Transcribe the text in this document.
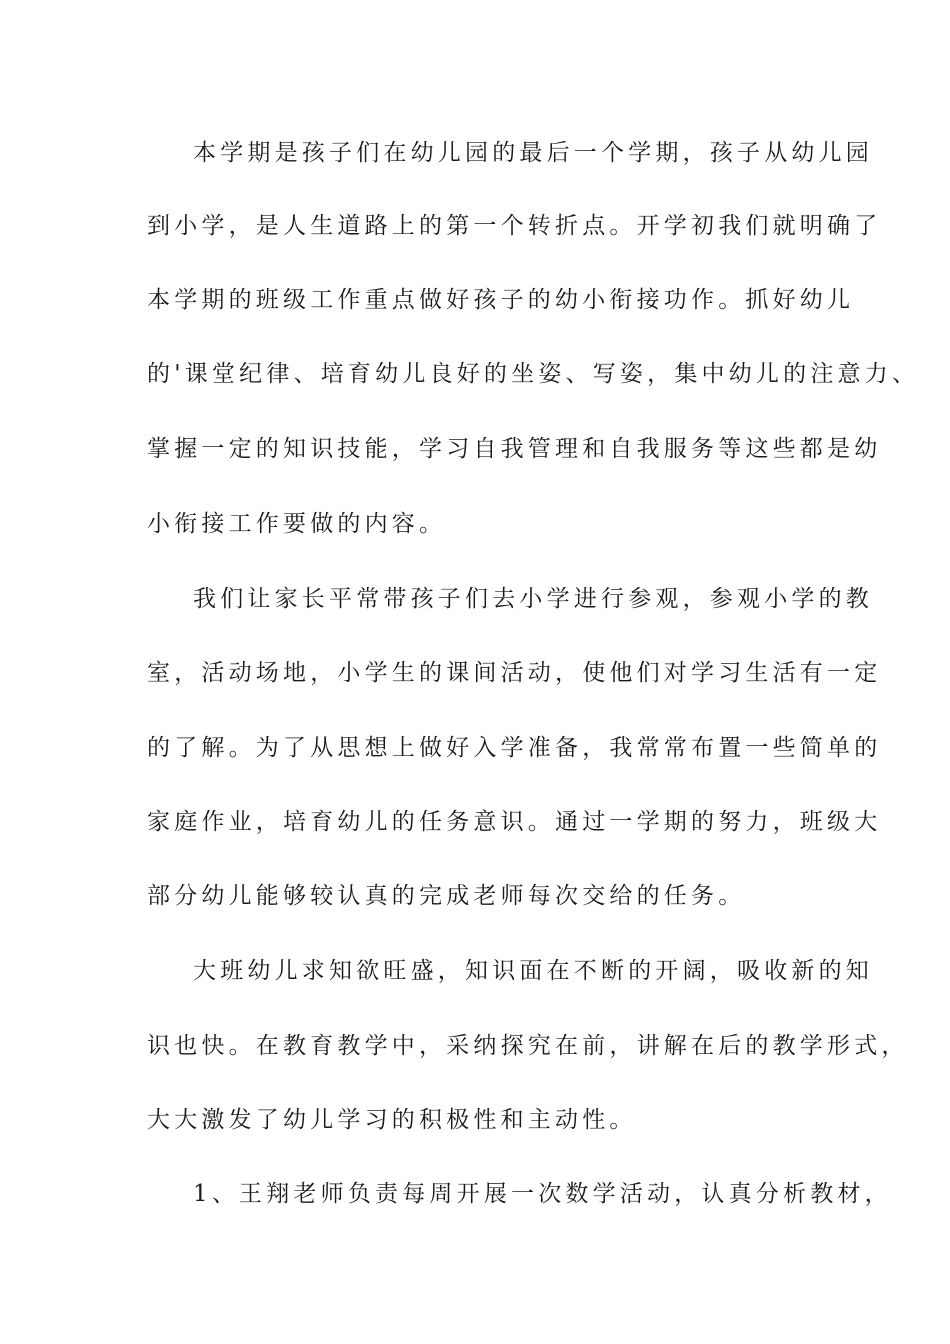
本学期是孩子们在幼儿园的最后一个学期，孩子从幼儿园
到小学，是人生道路上的第一个转折点。开学初我们就明确了
本学期的班级工作重点做好孩子的幼小衔接功作。抓好幼儿
的'课堂纪律、培育幼儿良好的坐姿、写姿，集中幼儿的注意力、
掌握一定的知识技能，学习自我管理和自我服务等这些都是幼
小衔接工作要做的内容。
我们让家长平常带孩子们去小学进行参观，参观小学的教
室，活动场地，小学生的课间活动，使他们对学习生活有一定
的了解。为了从思想上做好入学准备，我常常布置一些简单的
家庭作业，培育幼儿的任务意识。通过一学期的努力，班级大
部分幼儿能够较认真的完成老师每次交给的任务。
大班幼儿求知欲旺盛，知识面在不断的开阔，吸收新的知
识也快。在教育教学中，采纳探究在前，讲解在后的教学形式，
大大激发了幼儿学习的积极性和主动性。
1、王翔老师负责每周开展一次数学活动，认真分析教材，
